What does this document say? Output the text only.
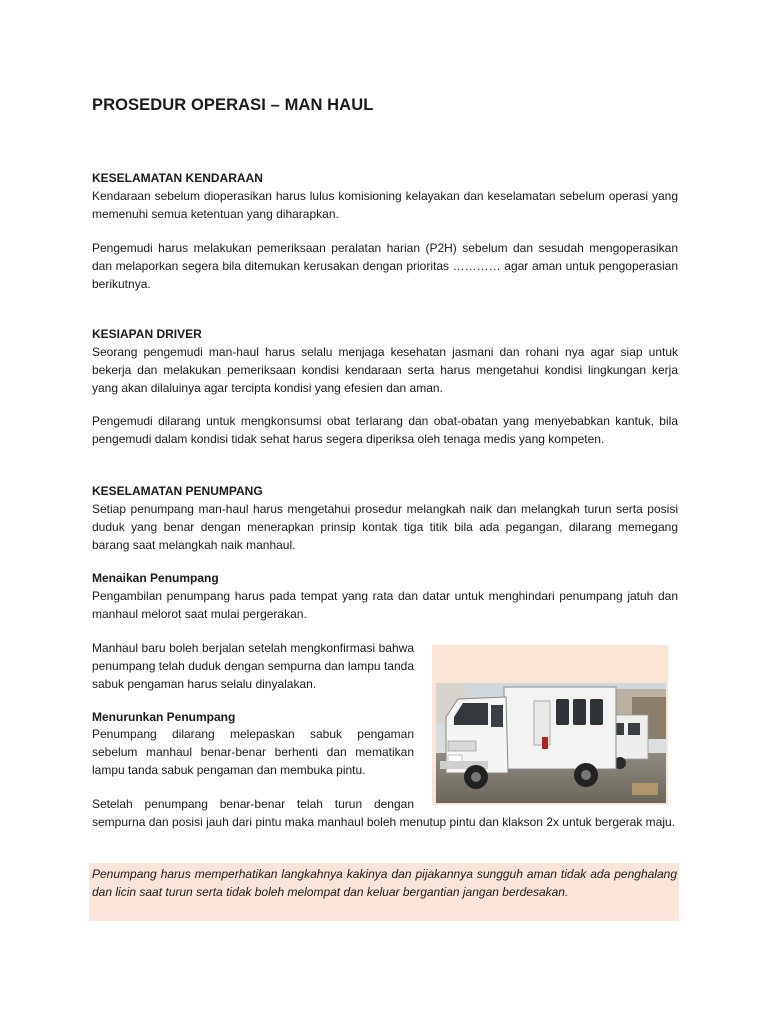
PROSEDUR OPERASI – MAN HAUL
KESELAMATAN KENDARAAN

Kendaraan sebelum dioperasikan harus lulus komisioning kelayakan dan keselamatan sebelum operasi yang memenuhi semua ketentuan yang diharapkan.

Pengemudi harus melakukan pemeriksaan peralatan harian (P2H) sebelum dan sesudah mengoperasikan dan melaporkan segera bila ditemukan kerusakan dengan prioritas ………… agar aman untuk pengoperasian berikutnya.

KESIAPAN DRIVER

Seorang pengemudi man-haul harus selalu menjaga kesehatan jasmani dan rohani nya agar siap untuk bekerja dan melakukan pemeriksaan kondisi kendaraan serta harus mengetahui kondisi lingkungan kerja yang akan dilaluinya agar tercipta kondisi yang efesien dan aman.

Pengemudi dilarang untuk mengkonsumsi obat terlarang dan obat-obatan yang menyebabkan kantuk, bila pengemudi dalam kondisi tidak sehat harus segera diperiksa oleh tenaga medis yang kompeten.

KESELAMATAN PENUMPANG

Setiap penumpang man-haul harus mengetahui prosedur melangkah naik dan melangkah turun serta posisi duduk yang benar dengan menerapkan prinsip kontak tiga titik bila ada pegangan, dilarang memegang barang saat melangkah naik manhaul.

Menaikan Penumpang

Pengambilan penumpang harus pada tempat yang rata dan datar untuk menghindari penumpang jatuh dan manhaul melorot saat mulai pergerakan.

Manhaul baru boleh berjalan setelah mengkonfirmasi bahwa penumpang telah duduk dengan sempurna dan lampu tanda sabuk pengaman harus selalu dinyalakan.

Menurunkan Penumpang

Penumpang dilarang melepaskan sabuk pengaman sebelum manhaul benar-benar berhenti dan mematikan lampu tanda sabuk pengaman dan membuka pintu.

Setelah penumpang benar-benar telah turun dengan

sempurna dan posisi jauh dari pintu maka manhaul boleh menutup pintu dan klakson 2x untuk bergerak maju.

Penumpang harus memperhatikan langkahnya kakinya dan pijakannya sungguh aman tidak ada penghalang dan licin saat turun serta tidak boleh melompat dan keluar bergantian jangan berdesakan.
